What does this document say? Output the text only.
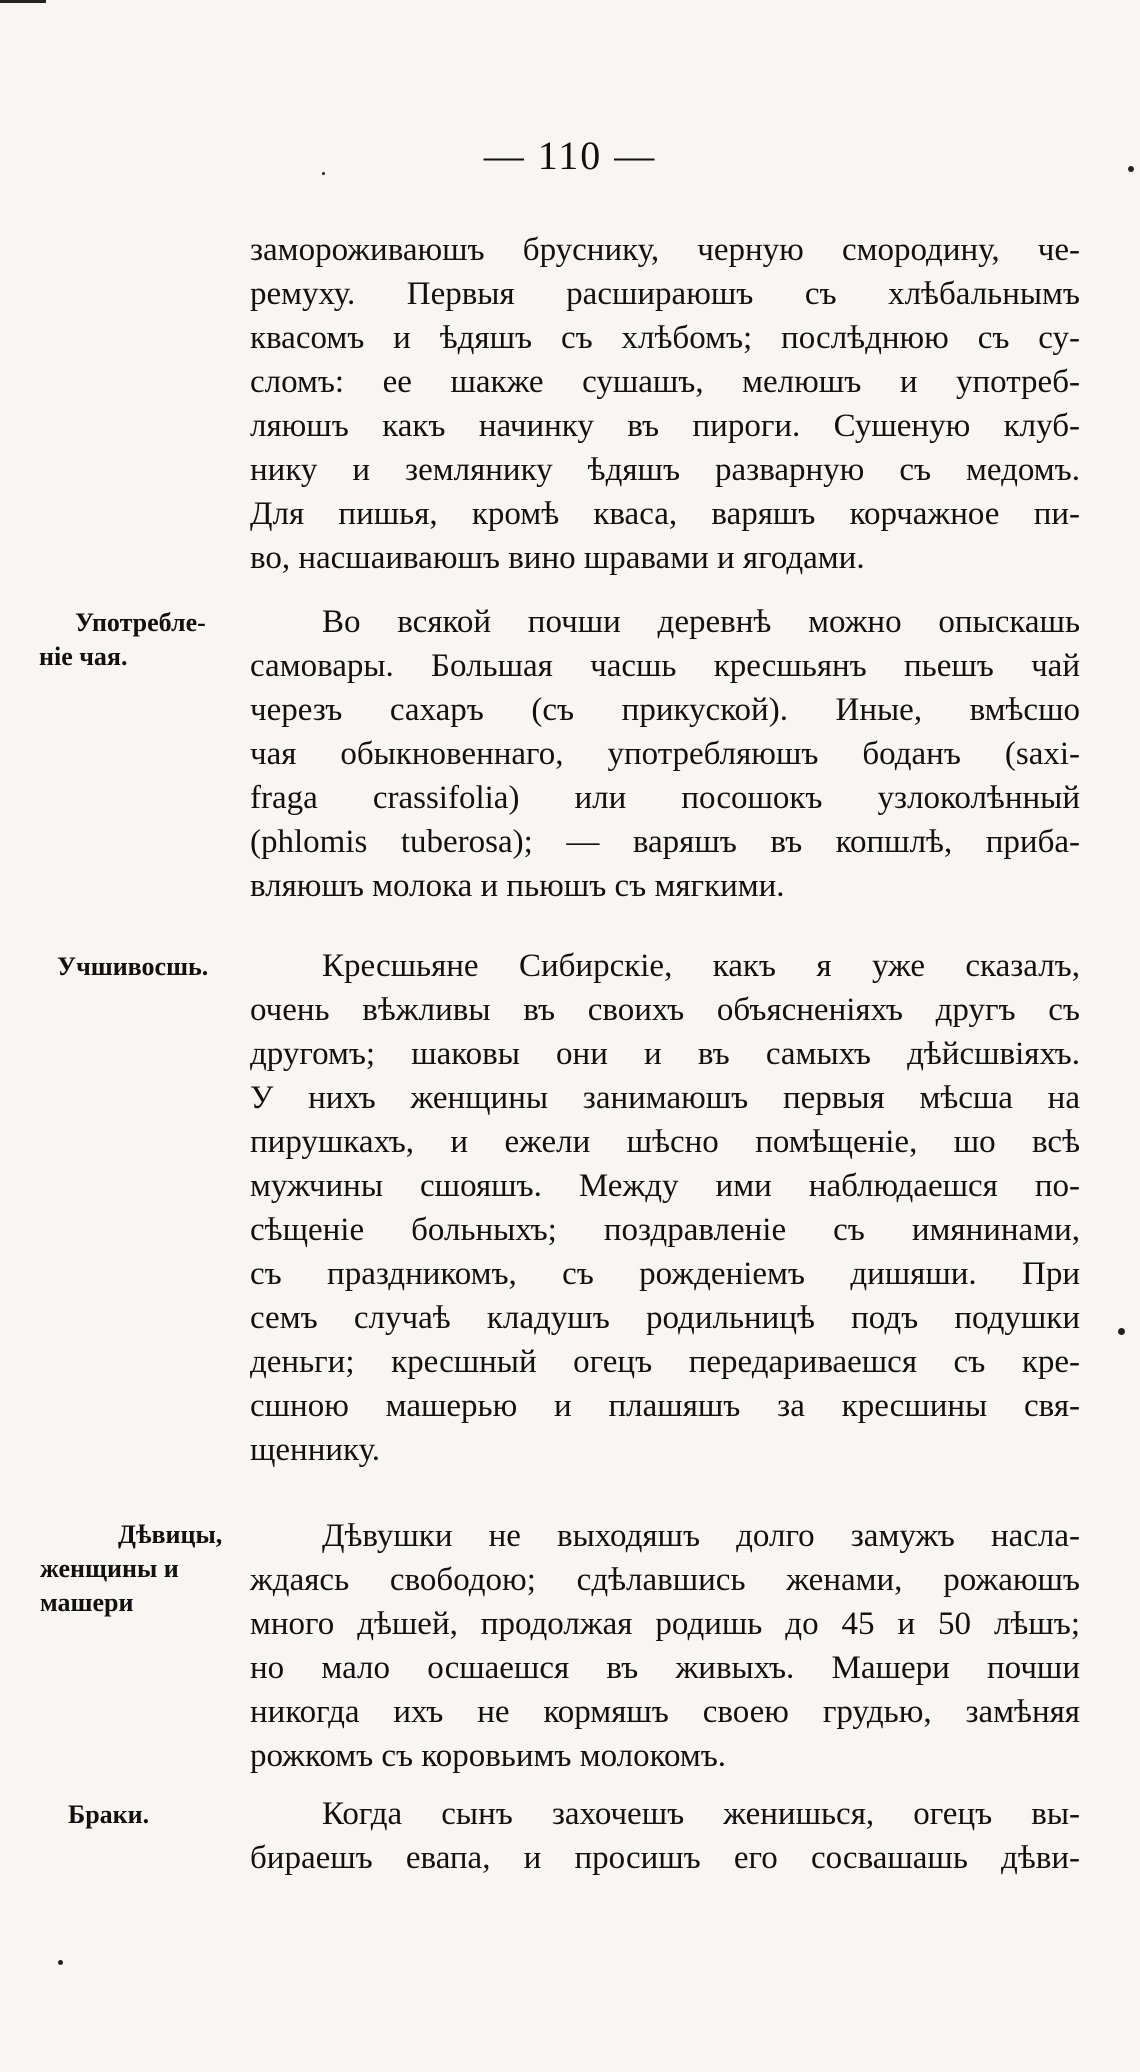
— 110 —
замороживаюшъ бруснику, черную смородину, че-
ремуху. Первыя расшираюшъ съ хлѣбальнымъ
квасомъ и ѣдяшъ съ хлѣбомъ; послѣднюю съ су-
сломъ: ее шакже сушашъ, мелюшъ и употреб-
ляюшъ какъ начинку въ пироги. Сушеную клуб-
нику и землянику ѣдяшъ разварную съ медомъ.
Для пишья, кромѣ кваса, варяшъ корчажное пи-
во, насшаиваюшъ вино шравами и ягодами.
Употребле-
ніе чая.
Во всякой почши деревнѣ можно опыскашь
самовары. Большая часшь кресшьянъ пьешъ чай
черезъ сахаръ (съ прикуской). Иные, вмѣсшо
чая обыкновеннаго, употребляюшъ боданъ (saxi-
fraga crassifolia) или посошокъ узлоколѣнный
(phlomis tuberosa); — варяшъ въ копшлѣ, приба-
вляюшъ молока и пьюшъ съ мягкими.
Учшивосшь.	Кресшьяне Сибирскіе, какъ я уже сказалъ,
очень вѣжливы въ своихъ объясненіяхъ другъ съ
другомъ; шаковы они и въ самыхъ дѣйсшвіяхъ.
У нихъ женщины занимаюшъ первыя мѣсша на
пирушкахъ, и ежели шѣсно помѣщеніе, шо всѣ
мужчины сшояшъ. Между ими наблюдаешся по-
сѣщеніе больныхъ; поздравленіе съ имянинами,
съ праздникомъ, съ рожденіемъ дишяши. При
семъ случаѣ кладушъ родильницѣ подъ подушки
деньги; кресшный огецъ передариваешся съ кре-
сшною машерью и плашяшъ за кресшины свя-
щеннику.
Дѣвицы,
женщины и
машери
Дѣвушки не выходяшъ долго замужъ насла-
ждаясь свободою; сдѣлавшись женами, рожаюшъ
много дѣшей, продолжая родишь до 45 и 50 лѣшъ;
но мало осшаешся въ живыхъ. Машери почши
никогда ихъ не кормяшъ своею грудью, замѣняя
рожкомъ съ коровьимъ молокомъ.
Браки.	Когда сынъ захочешъ женишься, огецъ вы-
бираешъ евапа, и просишъ его сосвашашь дѣви-
